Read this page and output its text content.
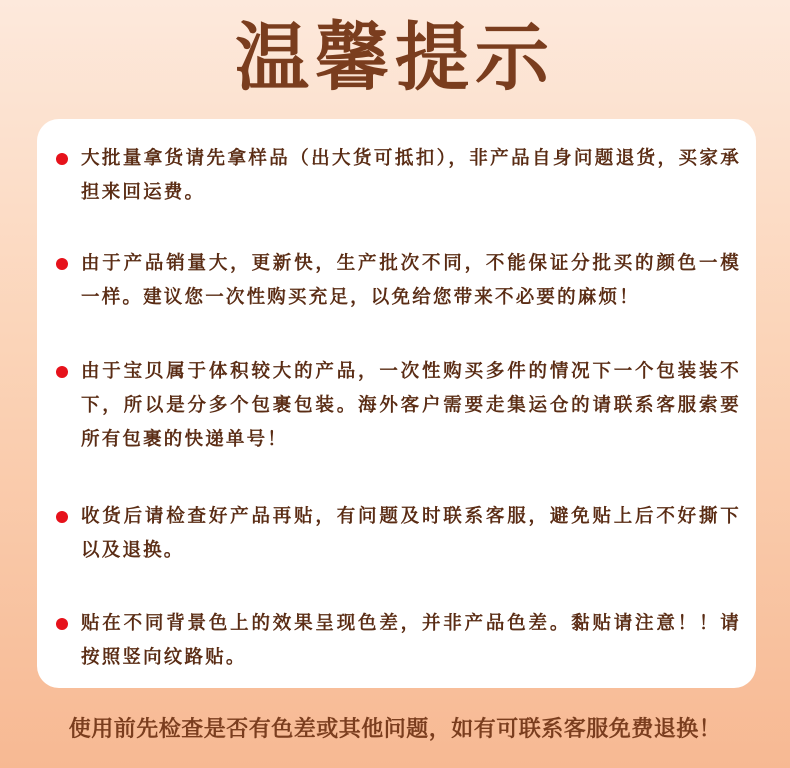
温馨提示
大批量拿货请先拿样品（出大货可抵扣），非产品自身问题退货，买家承担来回运费。
由于产品销量大，更新快，生产批次不同，不能保证分批买的颜色一模一样。建议您一次性购买充足，以免给您带来不必要的麻烦！
由于宝贝属于体积较大的产品，一次性购买多件的情况下一个包装装不下，所以是分多个包裹包装。海外客户需要走集运仓的请联系客服索要所有包裹的快递单号！
收货后请检查好产品再贴，有问题及时联系客服，避免贴上后不好撕下以及退换。
贴在不同背景色上的效果呈现色差，并非产品色差。黏贴请注意！！请按照竖向纹路贴。
使用前先检查是否有色差或其他问题，如有可联系客服免费退换！
